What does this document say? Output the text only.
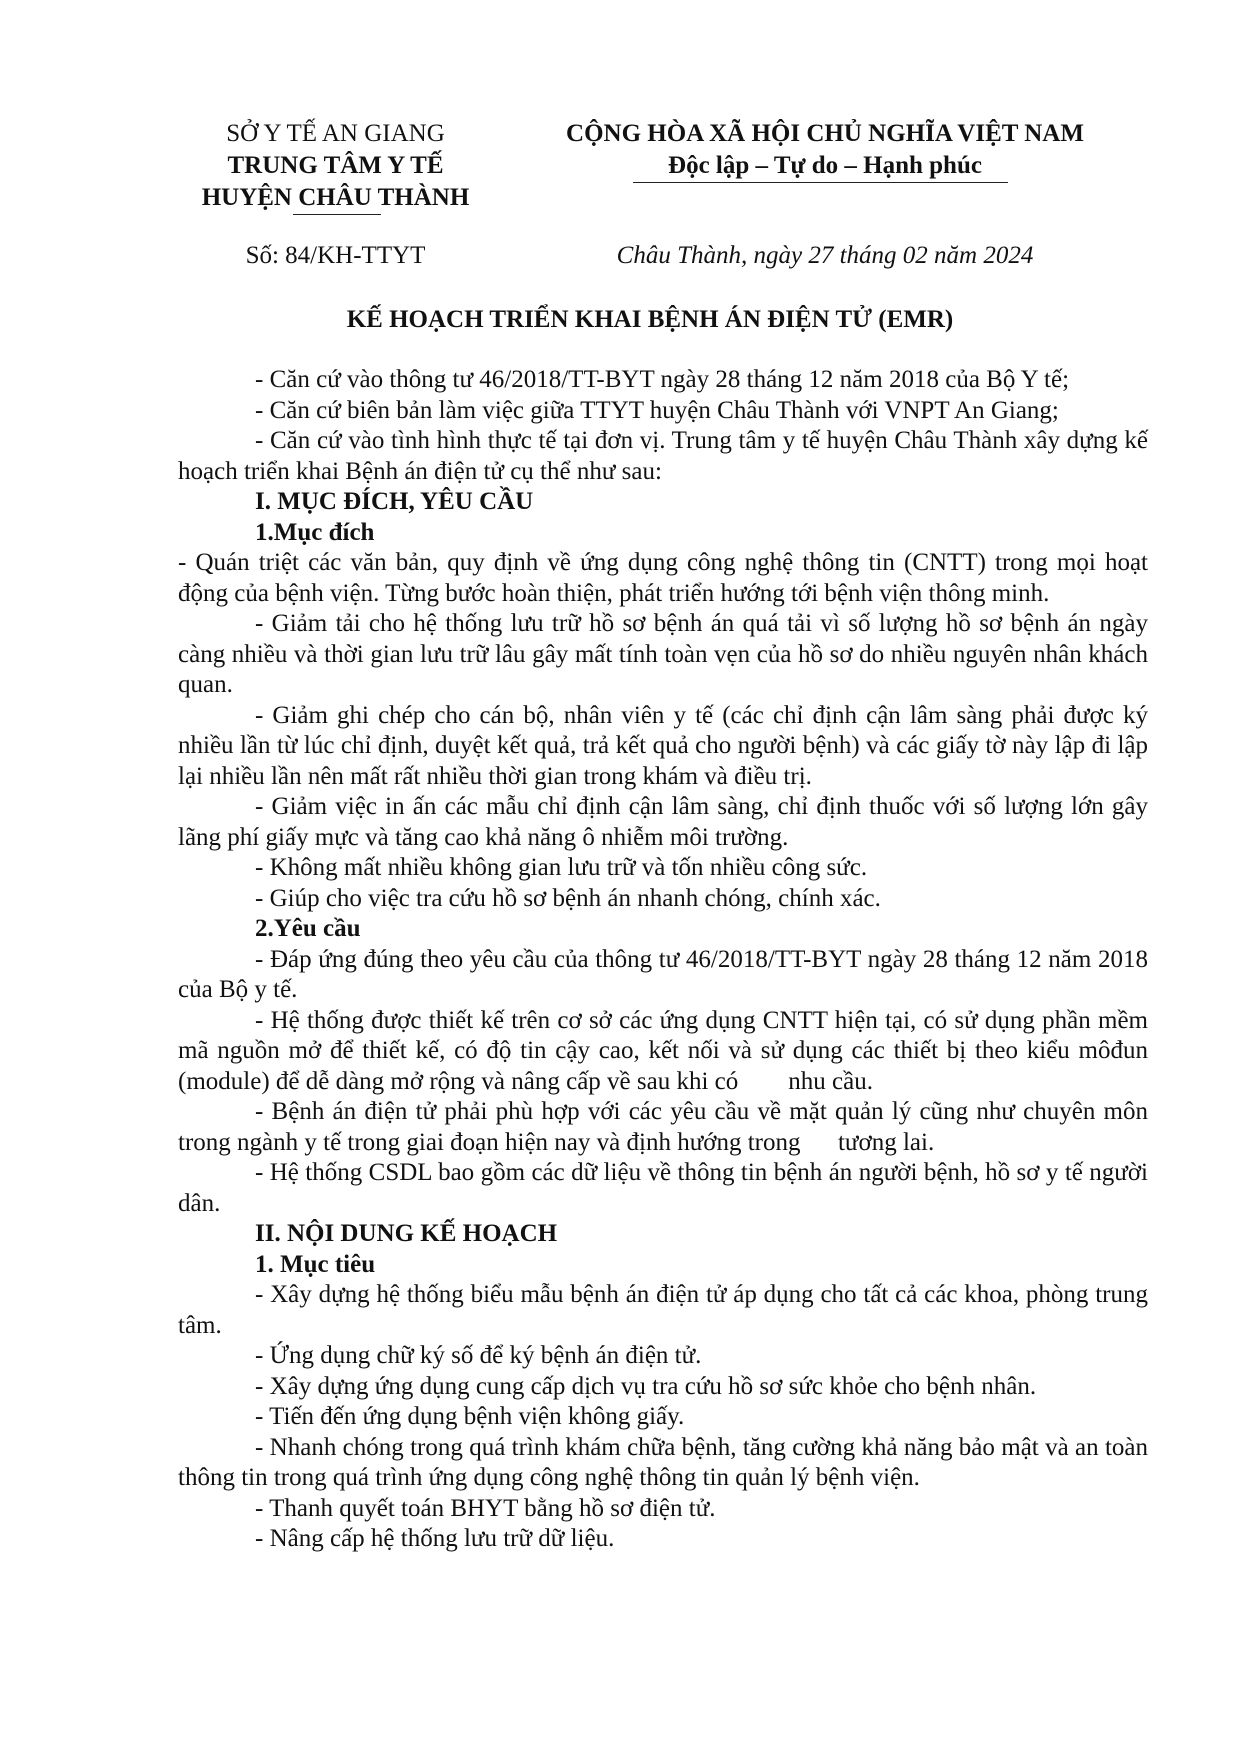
SỞ Y TẾ AN GIANG
TRUNG TÂM Y TẾ
HUYỆN CHÂU THÀNH
CỘNG HÒA XÃ HỘI CHỦ NGHĨA VIỆT NAM
Độc lập – Tự do – Hạnh phúc
Số: 84/KH-TTYT	Châu Thành, ngày 27 tháng 02 năm 2024
KẾ HOẠCH TRIỂN KHAI BỆNH ÁN ĐIỆN TỬ (EMR)

- Căn cứ vào thông tư 46/2018/TT-BYT ngày 28 tháng 12 năm 2018 của Bộ Y tế;

- Căn cứ biên bản làm việc giữa TTYT huyện Châu Thành với VNPT An Giang;

- Căn cứ vào tình hình thực tế tại đơn vị. Trung tâm y tế huyện Châu Thành xây dựng kế hoạch triển khai Bệnh án điện tử cụ thể như sau:

I. MỤC ĐÍCH, YÊU CẦU
1.Mục đích

- Quán triệt các văn bản, quy định về ứng dụng công nghệ thông tin (CNTT) trong mọi hoạt động của bệnh viện. Từng bước hoàn thiện, phát triển hướng tới bệnh viện thông minh.

- Giảm tải cho hệ thống lưu trữ hồ sơ bệnh án quá tải vì số lượng hồ sơ bệnh án ngày càng nhiều và thời gian lưu trữ lâu gây mất tính toàn vẹn của hồ sơ do nhiều nguyên nhân khách quan.

- Giảm ghi chép cho cán bộ, nhân viên y tế (các chỉ định cận lâm sàng phải được ký nhiều lần từ lúc chỉ định, duyệt kết quả, trả kết quả cho người bệnh) và các giấy tờ này lập đi lập lại nhiều lần nên mất rất nhiều thời gian trong khám và điều trị.

- Giảm việc in ấn các mẫu chỉ định cận lâm sàng, chỉ định thuốc với số lượng lớn gây lãng phí giấy mực và tăng cao khả năng ô nhiễm môi trường.

- Không mất nhiều không gian lưu trữ và tốn nhiều công sức.

- Giúp cho việc tra cứu hồ sơ bệnh án nhanh chóng, chính xác.

2.Yêu cầu

- Đáp ứng đúng theo yêu cầu của thông tư 46/2018/TT-BYT ngày 28 tháng 12 năm 2018 của Bộ y tế.

- Hệ thống được thiết kế trên cơ sở các ứng dụng CNTT hiện tại, có sử dụng phần mềm mã nguồn mở để thiết kế, có độ tin cậy cao, kết nối và sử dụng các thiết bị theo kiểu môđun (module) để dễ dàng mở rộng và nâng cấp về sau khi có        nhu cầu.

- Bệnh án điện tử phải phù hợp với các yêu cầu về mặt quản lý cũng như chuyên môn trong ngành y tế trong giai đoạn hiện nay và định hướng trong      tương lai.

- Hệ thống CSDL bao gồm các dữ liệu về thông tin bệnh án người bệnh, hồ sơ y tế người dân.

II. NỘI DUNG KẾ HOẠCH
1. Mục tiêu

- Xây dựng hệ thống biểu mẫu bệnh án điện tử áp dụng cho tất cả các khoa, phòng trung tâm.

- Ứng dụng chữ ký số để ký bệnh án điện tử.

- Xây dựng ứng dụng cung cấp dịch vụ tra cứu hồ sơ sức khỏe cho bệnh nhân.

- Tiến đến ứng dụng bệnh viện không giấy.

- Nhanh chóng trong quá trình khám chữa bệnh, tăng cường khả năng bảo mật và an toàn thông tin trong quá trình ứng dụng công nghệ thông tin quản lý bệnh viện.

- Thanh quyết toán BHYT bằng hồ sơ điện tử.

- Nâng cấp hệ thống lưu trữ dữ liệu.
